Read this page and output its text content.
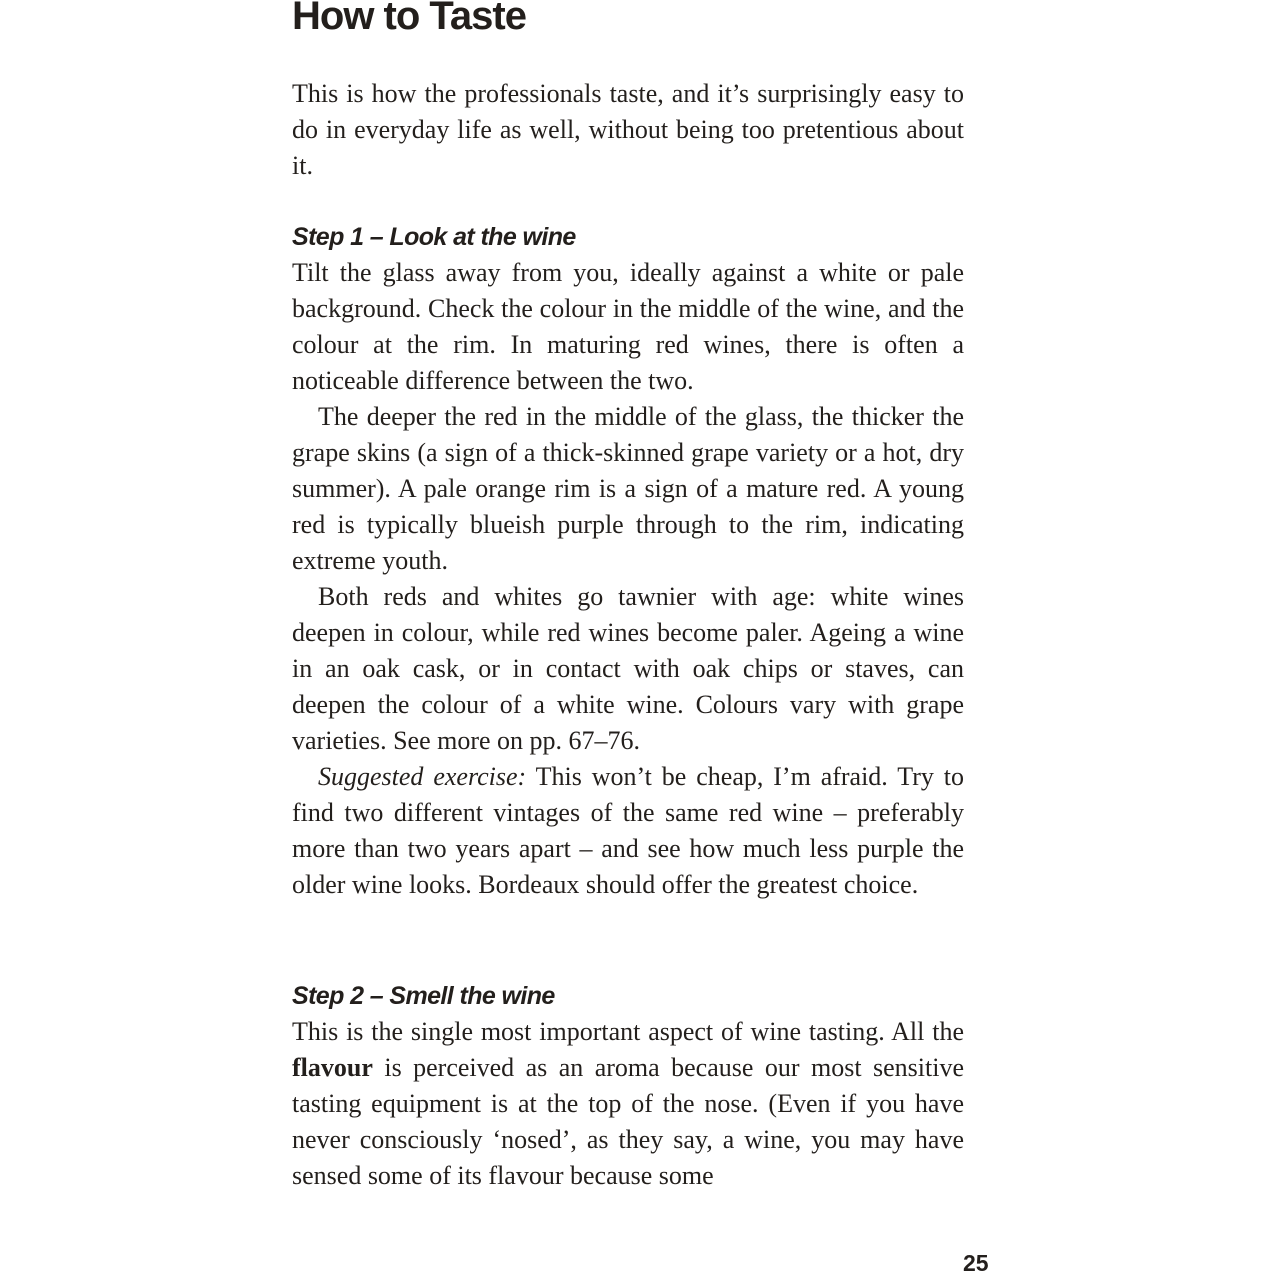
How to Taste

This is how the professionals taste, and it’s surprisingly easy to do in everyday life as well, without being too pretentious about it.

Step 1 – Look at the wine

Tilt the glass away from you, ideally against a white or pale background. Check the colour in the middle of the wine, and the colour at the rim. In maturing red wines, there is often a noticeable difference between the two.

The deeper the red in the middle of the glass, the thicker the grape skins (a sign of a thick-skinned grape variety or a hot, dry summer). A pale orange rim is a sign of a mature red. A young red is typically blueish purple through to the rim, indicating extreme youth.

Both reds and whites go tawnier with age: white wines deepen in colour, while red wines become paler. Ageing a wine in an oak cask, or in contact with oak chips or staves, can deepen the colour of a white wine. Colours vary with grape varieties. See more on pp. 67–76.

Suggested exercise: This won’t be cheap, I’m afraid. Try to find two different vintages of the same red wine – preferably more than two years apart – and see how much less purple the older wine looks. Bordeaux should offer the greatest choice.

Step 2 – Smell the wine

This is the single most important aspect of wine tasting. All the flavour is perceived as an aroma because our most sensitive tasting equipment is at the top of the nose. (Even if you have never consciously ‘nosed’, as they say, a wine, you may have sensed some of its flavour because some

25
